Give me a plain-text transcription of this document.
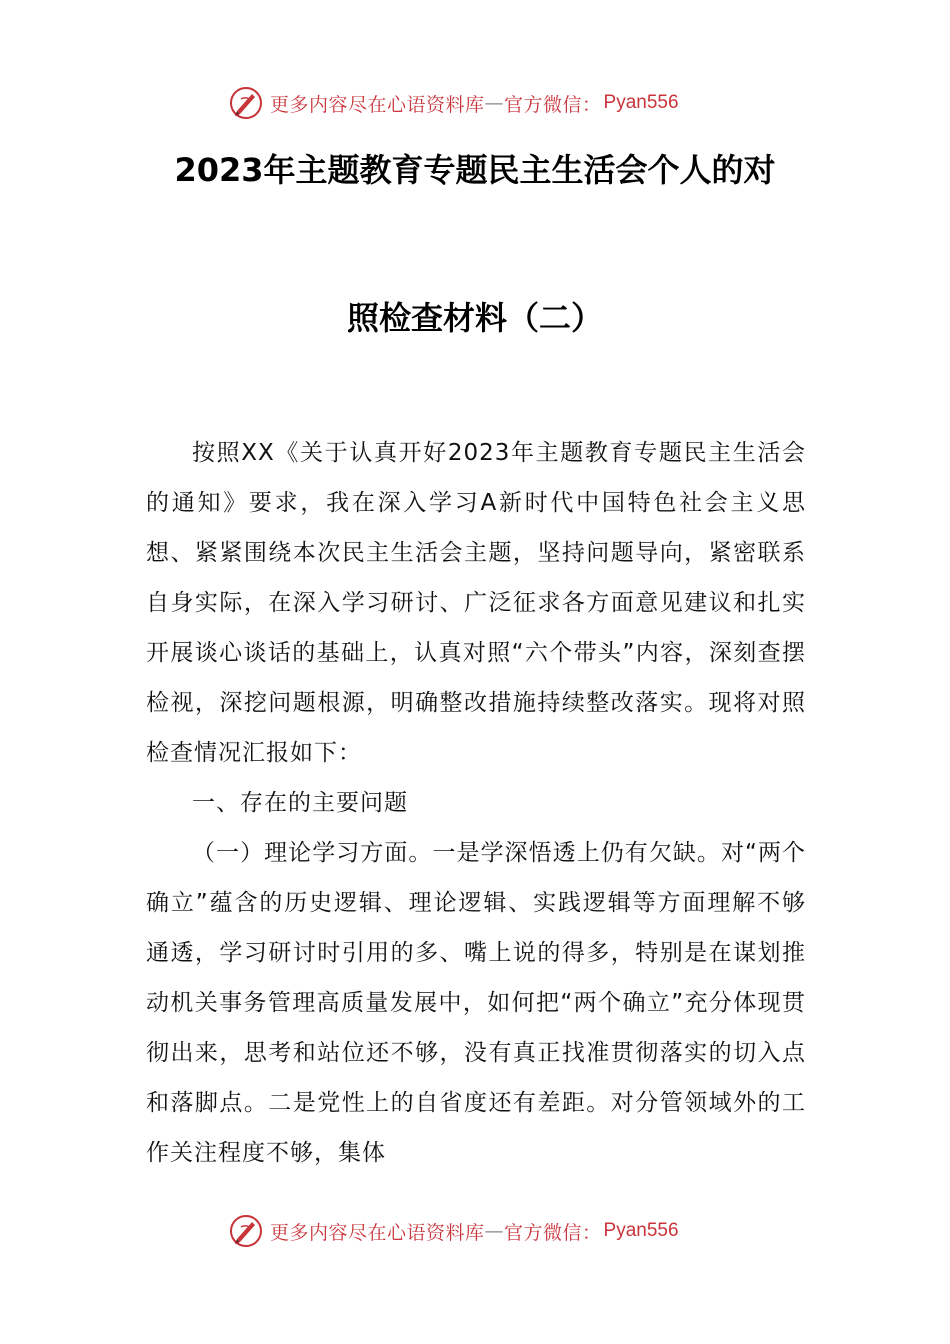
更多内容尽在心语资料库 — 官方微信： Pyan556
2023年主题教育专题民主生活会个人的对
照检查材料（二）

按照XX《关于认真开好2023年主题教育专题民主生活会的通知》要求，我在深入学习A新时代中国特色社会主义思想、紧紧围绕本次民主生活会主题，坚持问题导向，紧密联系自身实际，在深入学习研讨、广泛征求各方面意见建议和扎实开展谈心谈话的基础上，认真对照“六个带头”内容，深刻查摆检视，深挖问题根源，明确整改措施持续整改落实。现将对照检查情况汇报如下：

一、存在的主要问题

（一）理论学习方面。一是学深悟透上仍有欠缺。对“两个确立”蕴含的历史逻辑、理论逻辑、实践逻辑等方面理解不够通透，学习研讨时引用的多、嘴上说的得多，特别是在谋划推动机关事务管理高质量发展中，如何把“两个确立”充分体现贯彻出来，思考和站位还不够，没有真正找准贯彻落实的切入点和落脚点。二是党性上的自省度还有差距。对分管领域外的工作关注程度不够，集体

更多内容尽在心语资料库 — 官方微信： Pyan556
